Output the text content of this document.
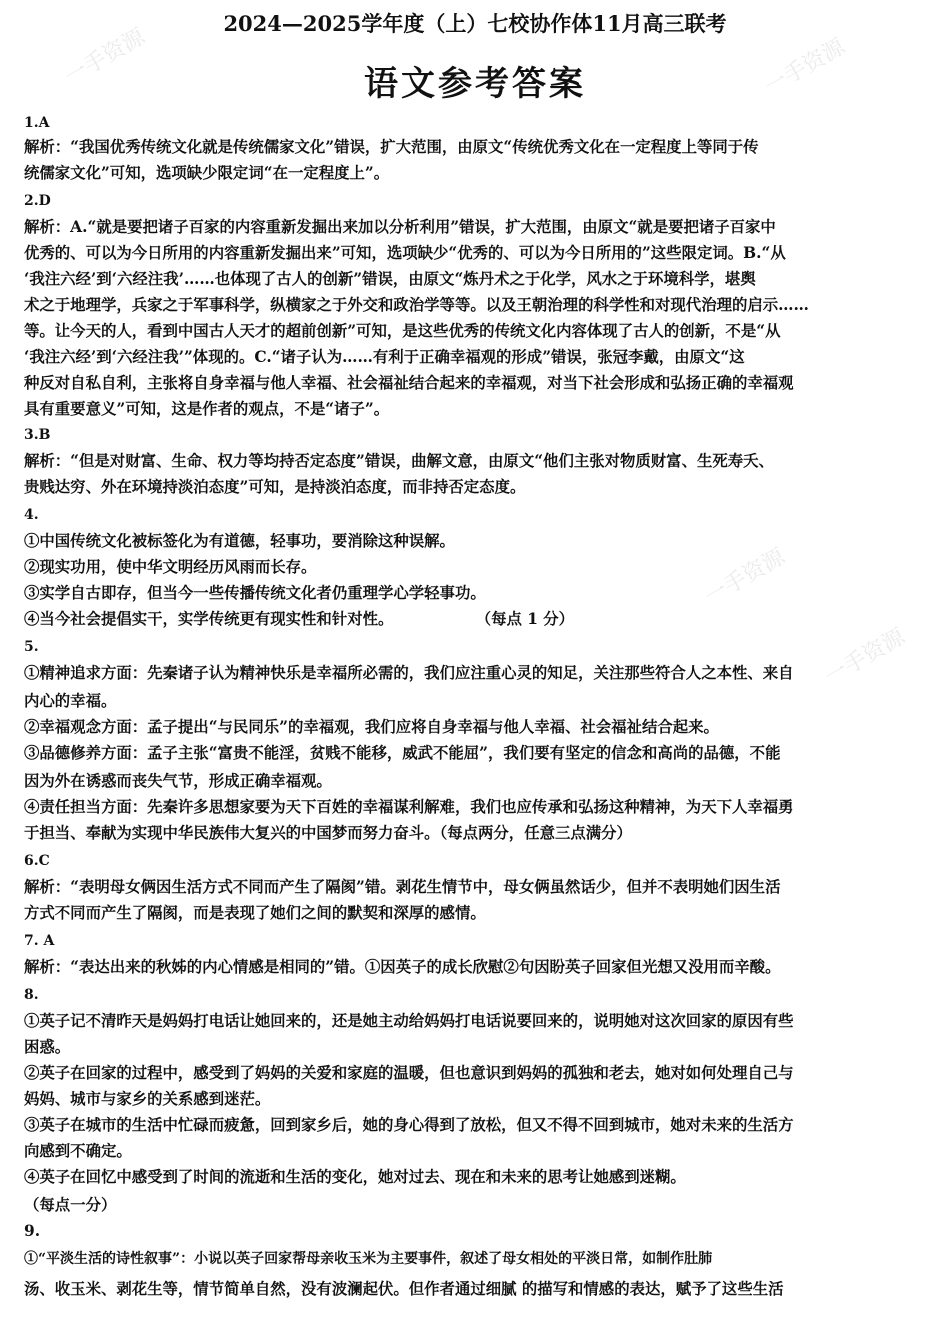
2024—2025学年度（上）七校协作体11月高三联考
语文参考答案
1.A
解析：“我国优秀传统文化就是传统儒家文化”错误，扩大范围，由原文“传统优秀文化在一定程度上等同于传
统儒家文化”可知，选项缺少限定词“在一定程度上”。
2.D
解析：A.“就是要把诸子百家的内容重新发掘出来加以分析利用”错误，扩大范围，由原文“就是要把诸子百家中
优秀的、可以为今日所用的内容重新发掘出来”可知，选项缺少“优秀的、可以为今日所用的”这些限定词。B.“从
‘我注六经’到‘六经注我’……也体现了古人的创新”错误，由原文“炼丹术之于化学，风水之于环境科学，堪舆
术之于地理学，兵家之于军事科学，纵横家之于外交和政治学等等。以及王朝治理的科学性和对现代治理的启示……
等。让今天的人，看到中国古人天才的超前创新”可知，是这些优秀的传统文化内容体现了古人的创新，不是“从
‘我注六经’到‘六经注我’”体现的。C.“诸子认为……有利于正确幸福观的形成”错误，张冠李戴，由原文“这
种反对自私自利，主张将自身幸福与他人幸福、社会福祉结合起来的幸福观，对当下社会形成和弘扬正确的幸福观
具有重要意义”可知，这是作者的观点，不是“诸子”。
3.B
解析：“但是对财富、生命、权力等均持否定态度”错误，曲解文意，由原文“他们主张对物质财富、生死寿夭、
贵贱达穷、外在环境持淡泊态度”可知，是持淡泊态度，而非持否定态度。
4.
①中国传统文化被标签化为有道德，轻事功，要消除这种误解。
②现实功用，使中华文明经历风雨而长存。
③实学自古即存，但当今一些传播传统文化者仍重理学心学轻事功。
④当今社会提倡实干，实学传统更有现实性和针对性。	（每点 1 分）
5.
①精神追求方面：先秦诸子认为精神快乐是幸福所必需的，我们应注重心灵的知足，关注那些符合人之本性、来自
内心的幸福。
②幸福观念方面：孟子提出“与民同乐”的幸福观，我们应将自身幸福与他人幸福、社会福祉结合起来。
③品德修养方面：孟子主张“富贵不能淫，贫贱不能移，威武不能屈”，我们要有坚定的信念和高尚的品德，不能
因为外在诱惑而丧失气节，形成正确幸福观。
④责任担当方面：先秦许多思想家要为天下百姓的幸福谋利解难，我们也应传承和弘扬这种精神，为天下人幸福勇
于担当、奉献为实现中华民族伟大复兴的中国梦而努力奋斗。（每点两分，任意三点满分）
6.C
解析：“表明母女俩因生活方式不同而产生了隔阂”错。剥花生情节中，母女俩虽然话少，但并不表明她们因生活
方式不同而产生了隔阂，而是表现了她们之间的默契和深厚的感情。
7. A
解析：“表达出来的秋姊的内心情感是相同的”错。①因英子的成长欣慰②句因盼英子回家但光想又没用而辛酸。
8.
①英子记不清昨天是妈妈打电话让她回来的，还是她主动给妈妈打电话说要回来的，说明她对这次回家的原因有些
困惑。
②英子在回家的过程中，感受到了妈妈的关爱和家庭的温暖，但也意识到妈妈的孤独和老去，她对如何处理自己与
妈妈、城市与家乡的关系感到迷茫。
③英子在城市的生活中忙碌而疲惫，回到家乡后，她的身心得到了放松，但又不得不回到城市，她对未来的生活方
向感到不确定。
④英子在回忆中感受到了时间的流逝和生活的变化，她对过去、现在和未来的思考让她感到迷糊。
（每点一分）
9.
①“平淡生活的诗性叙事”：小说以英子回家帮母亲收玉米为主要事件，叙述了母女相处的平淡日常，如制作肚肺
汤、收玉米、剥花生等，情节简单自然，没有波澜起伏。但作者通过细腻 的描写和情感的表达，赋予了这些生活
一手资源	一手资源
一手资源
一手资源
